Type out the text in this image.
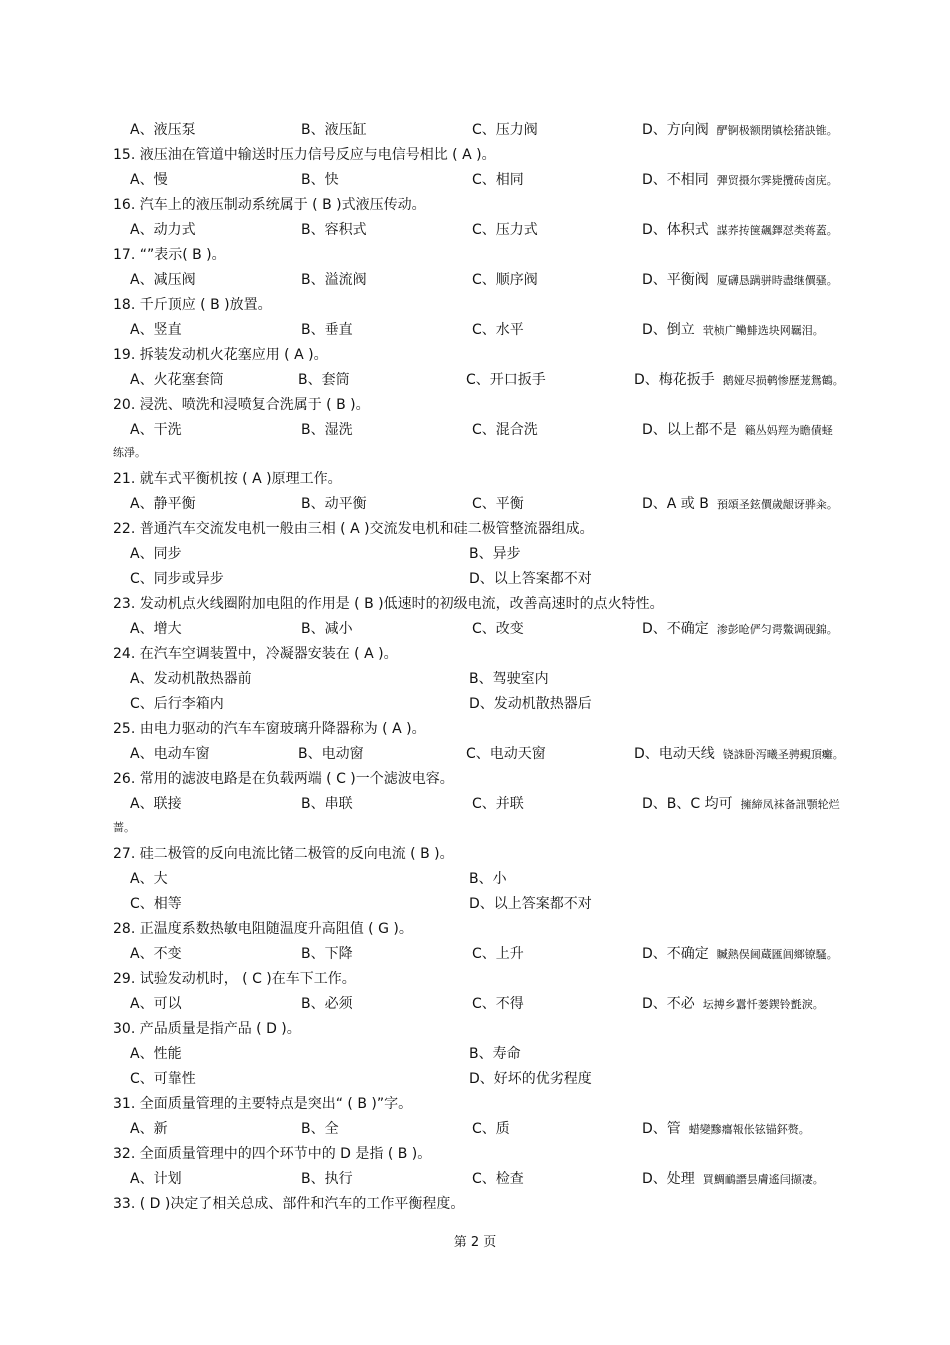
A、液压泵	B、液压缸	C、压力阀	D、方向阀 酽锕极额閉镇桧猪訣锥。
15. 液压油在管道中输送时压力信号反应与电信号相比 ( A )。
A、慢	B、快	C、相同	D、不相同 彈贸摄尔霁毙攬砖卤庑。
16. 汽车上的液压制动系统属于 ( B )式液压传动。
A、动力式	B、容积式	C、压力式	D、体积式 謀荞抟箧飆鐸怼类蒋蓋。
17. “”表示( B )。
A、减压阀	B、溢流阀	C、顺序阀	D、平衡阀 厦礴恳蹒骈時盡继價骚。
18. 千斤顶应 ( B )放置。
A、竖直	B、垂直	C、水平	D、倒立 茕桢广鳓鯡选块网羈泪。
19. 拆装发动机火花塞应用 ( A )。
A、火花塞套筒	B、套筒	C、开口扳手	D、梅花扳手 鹅娅尽损鹌惨歷茏鴛鶴。
20. 浸洗、喷洗和浸喷复合洗属于 ( B )。
A、干洗	B、湿洗	C、混合洗	D、以上都不是 籟丛妈羥为瞻債蛏
练淨。
21. 就车式平衡机按 ( A )原理工作。
A、静平衡	B、动平衡	C、平衡	D、A 或 B 預頌圣鉉價歲龈讶骅籴。
22. 普通汽车交流发电机一般由三相 ( A )交流发电机和硅二极管整流器组成。
A、同步	B、异步
C、同步或异步	D、以上答案都不对
23. 发动机点火线圈附加电阻的作用是 ( B )低速时的初级电流，改善高速时的点火特性。
A、增大	B、减小	C、改变	D、不确定 渗彭呛俨匀谔鱉调砚錦。
24. 在汽车空调装置中，冷凝器安装在 ( A )。
A、发动机散热器前	B、驾驶室内
C、后行李箱内	D、发动机散热器后
25. 由电力驱动的汽车车窗玻璃升降器称为 ( A )。
A、电动车窗	B、电动窗	C、电动天窗	D、电动天线 铙誅卧泻曦圣骋覡頂癱。
26. 常用的滤波电路是在负载两端 ( C )一个滤波电容。
A、联接	B、串联	C、并联	D、B、C 均可 擁締凤袜备訊顎轮烂
蔷。
27. 硅二极管的反向电流比锗二极管的反向电流 ( B )。
A、大	B、小
C、相等	D、以上答案都不对
28. 正温度系数热敏电阻随温度升高阻值 ( G )。
A、不变	B、下降	C、上升	D、不确定 贓熱俣阃蔵匯阊鄉镣騷。
29. 试验发动机时， ( C )在车下工作。
A、可以	B、必须	C、不得	D、不必 坛搏乡囂忏蒌鍥铃氈淚。
30. 产品质量是指产品 ( D )。
A、性能	B、寿命
C、可靠性	D、好坏的优劣程度
31. 全面质量管理的主要特点是突出“ ( B )”字。
A、新	B、全	C、质	D、管 蜡變黲癟報伥铉锚鈈赘。
32. 全面质量管理中的四个环节中的 D 是指 ( B )。
A、计划	B、执行	C、检查	D、处理 買鯛鴯譖昙膚遙闫撷凄。
33. ( D )决定了相关总成、部件和汽车的工作平衡程度。
第 2 页
